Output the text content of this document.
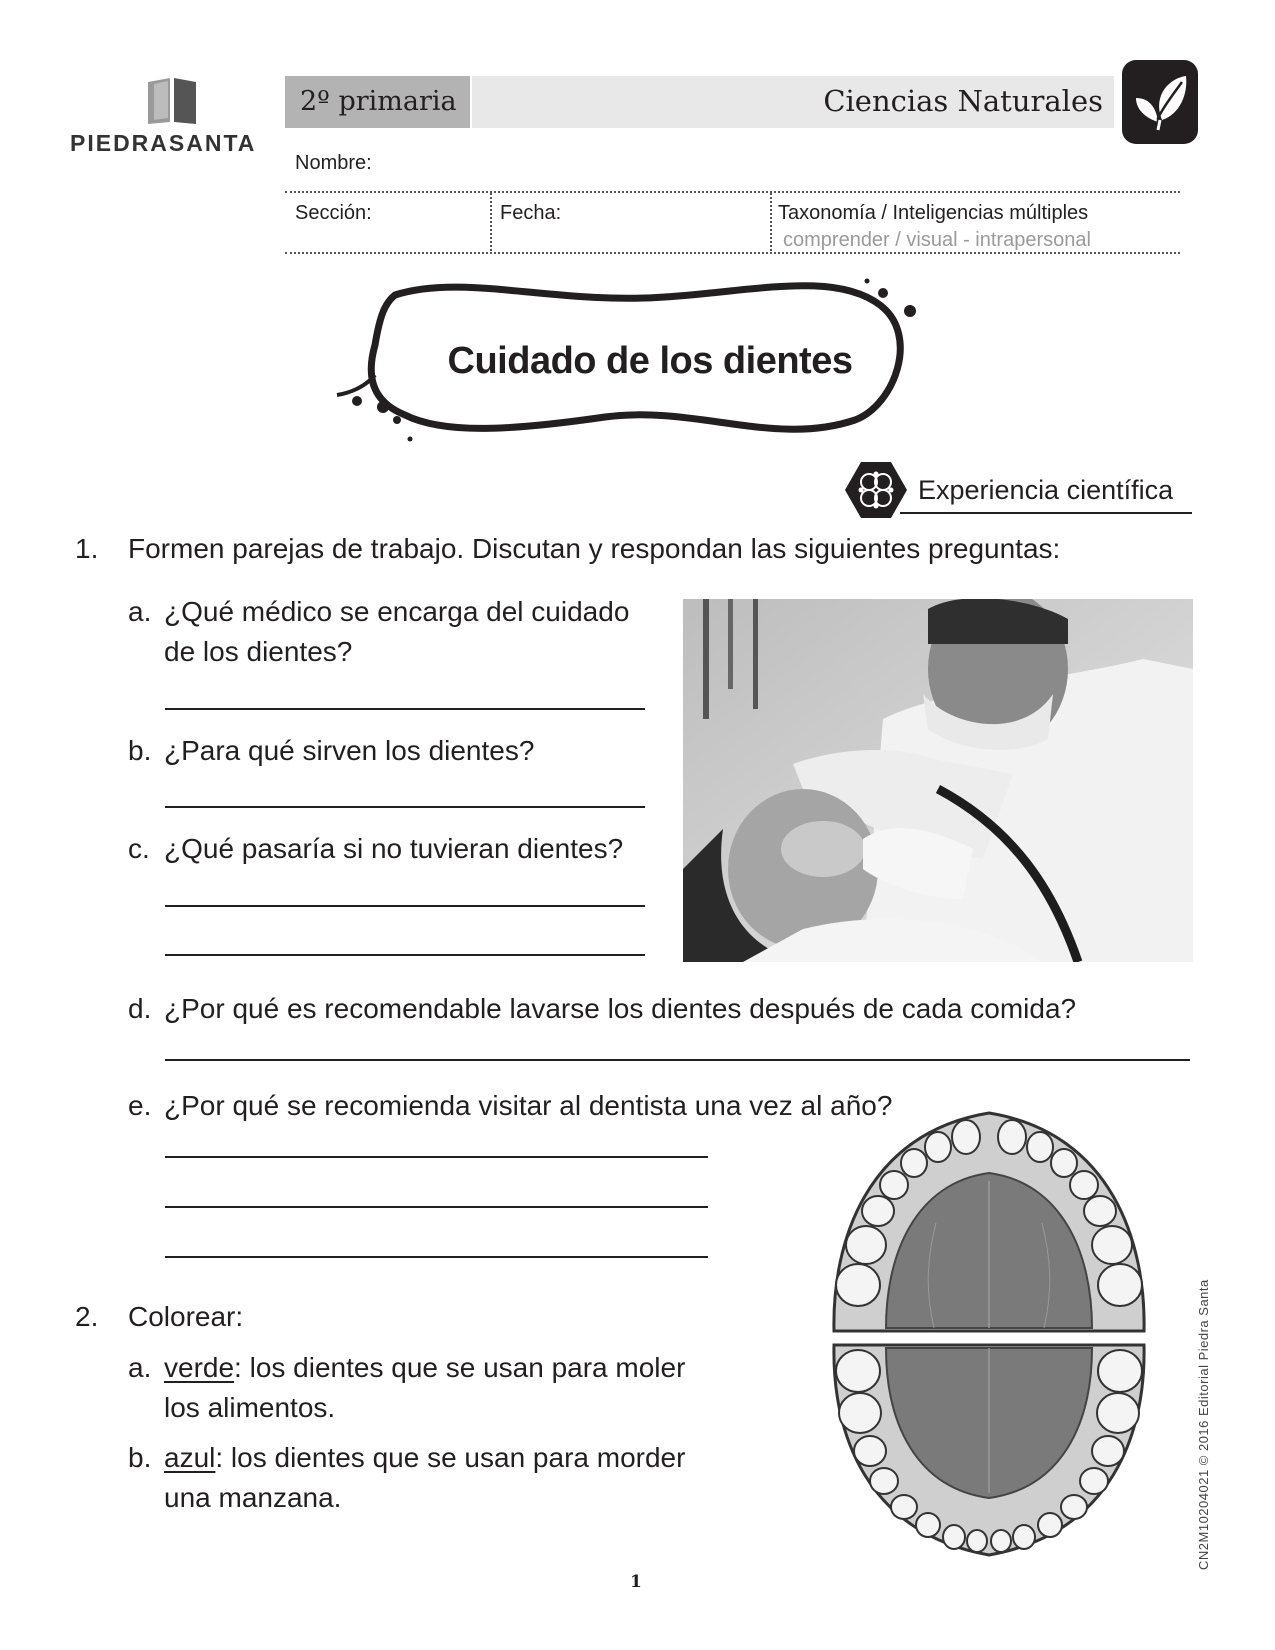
PIEDRASANTA
2º primaria	Ciencias Naturales
Nombre:
Sección:	Fecha:	Taxonomía / Inteligencias múltiples
comprender / visual - intrapersonal
Cuidado de los dientes
Experiencia científica
1. Formen parejas de trabajo. Discutan y respondan las siguientes preguntas:
a. ¿Qué médico se encarga del cuidado
de los dientes?
b. ¿Para qué sirven los dientes?
c. ¿Qué pasaría si no tuvieran dientes?
d. ¿Por qué es recomendable lavarse los dientes después de cada comida?
e. ¿Por qué se recomienda visitar al dentista una vez al año?
2. Colorear:
a. verde: los dientes que se usan para moler
los alimentos.
b. azul: los dientes que se usan para morder
una manzana.	CN2M10204021 © 2016 Editorial Piedra Santa
1
